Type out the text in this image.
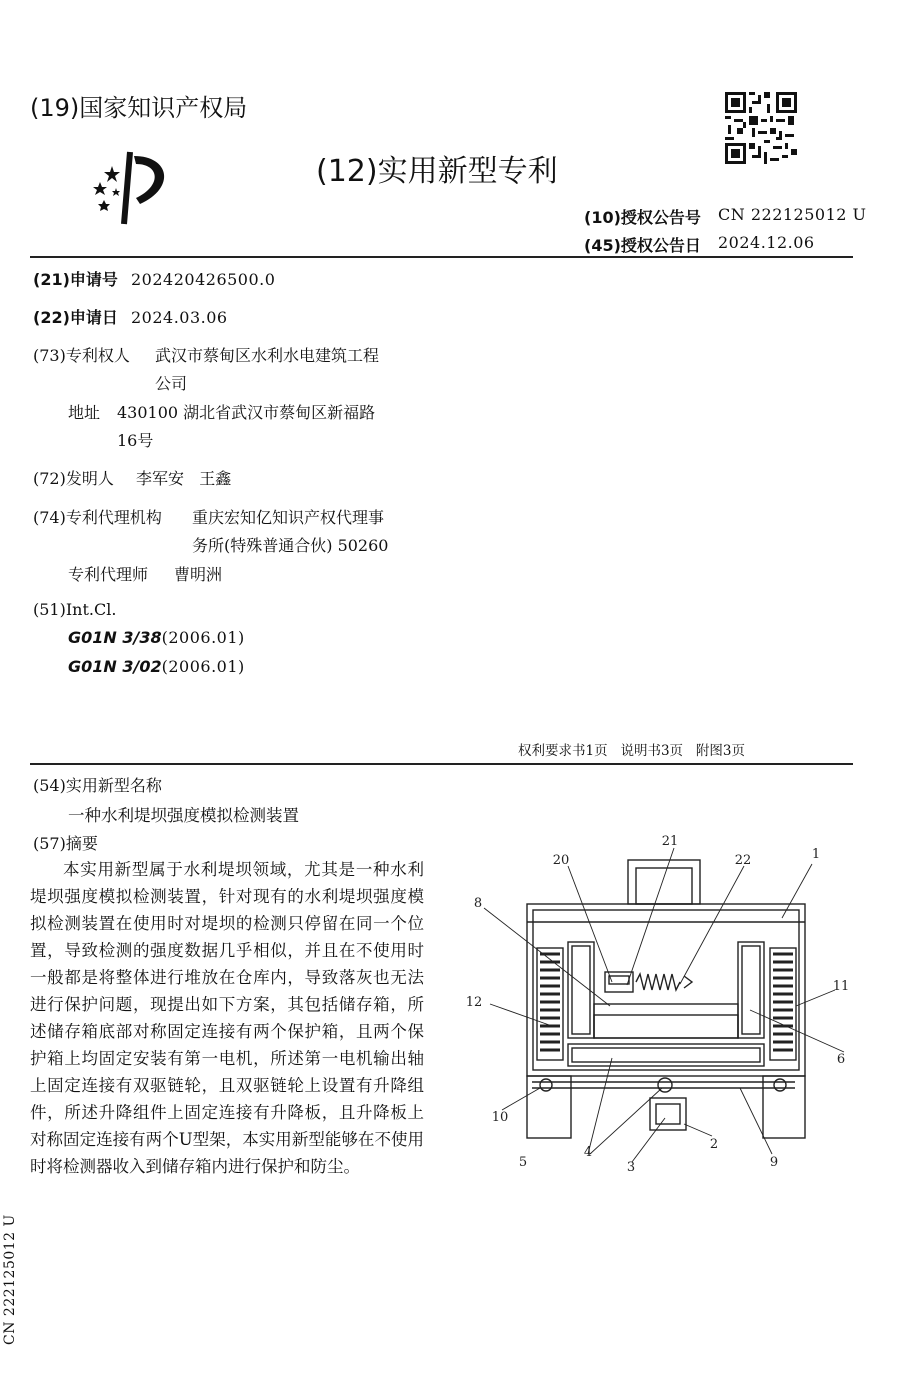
(19)国家知识产权局
(12)实用新型专利
(10)授权公告号 CN 222125012 U
(45)授权公告日 2024.12.06
(21)申请号 202420426500.0
(22)申请日 2024.03.06
(73)专利权人 武汉市蔡甸区水利水电建筑工程
公司
地址 430100 湖北省武汉市蔡甸区新福路
16号
(72)发明人 李军安   王鑫
(74)专利代理机构 重庆宏知亿知识产权代理事
务所(特殊普通合伙) 50260
专利代理师 曹明洲
(51)Int.Cl.
G01N 3/38(2006.01)
G01N 3/02(2006.01)
权利要求书1页   说明书3页   附图3页
(54)实用新型名称
一种水利堤坝强度模拟检测装置
(57)摘要

本实用新型属于水利堤坝领域，尤其是一种水利堤坝强度模拟检测装置，针对现有的水利堤坝强度模拟检测装置在使用时对堤坝的检测只停留在同一个位置，导致检测的强度数据几乎相似，并且在不使用时一般都是将整体进行堆放在仓库内，导致落灰也无法进行保护问题，现提出如下方案，其包括储存箱，所述储存箱底部对称固定连接有两个保护箱，且两个保护箱上均固定安装有第一电机，所述第一电机输出轴上固定连接有双驱链轮，且双驱链轮上设置有升降组件，所述升降组件上固定连接有升降板，且升降板上对称固定连接有两个U型架，本实用新型能够在不使用时将检测器收入到储存箱内进行保护和防尘。

21
20	22	1
8
11
12
6
10
4
2
3
5	9
CN 222125012 U
